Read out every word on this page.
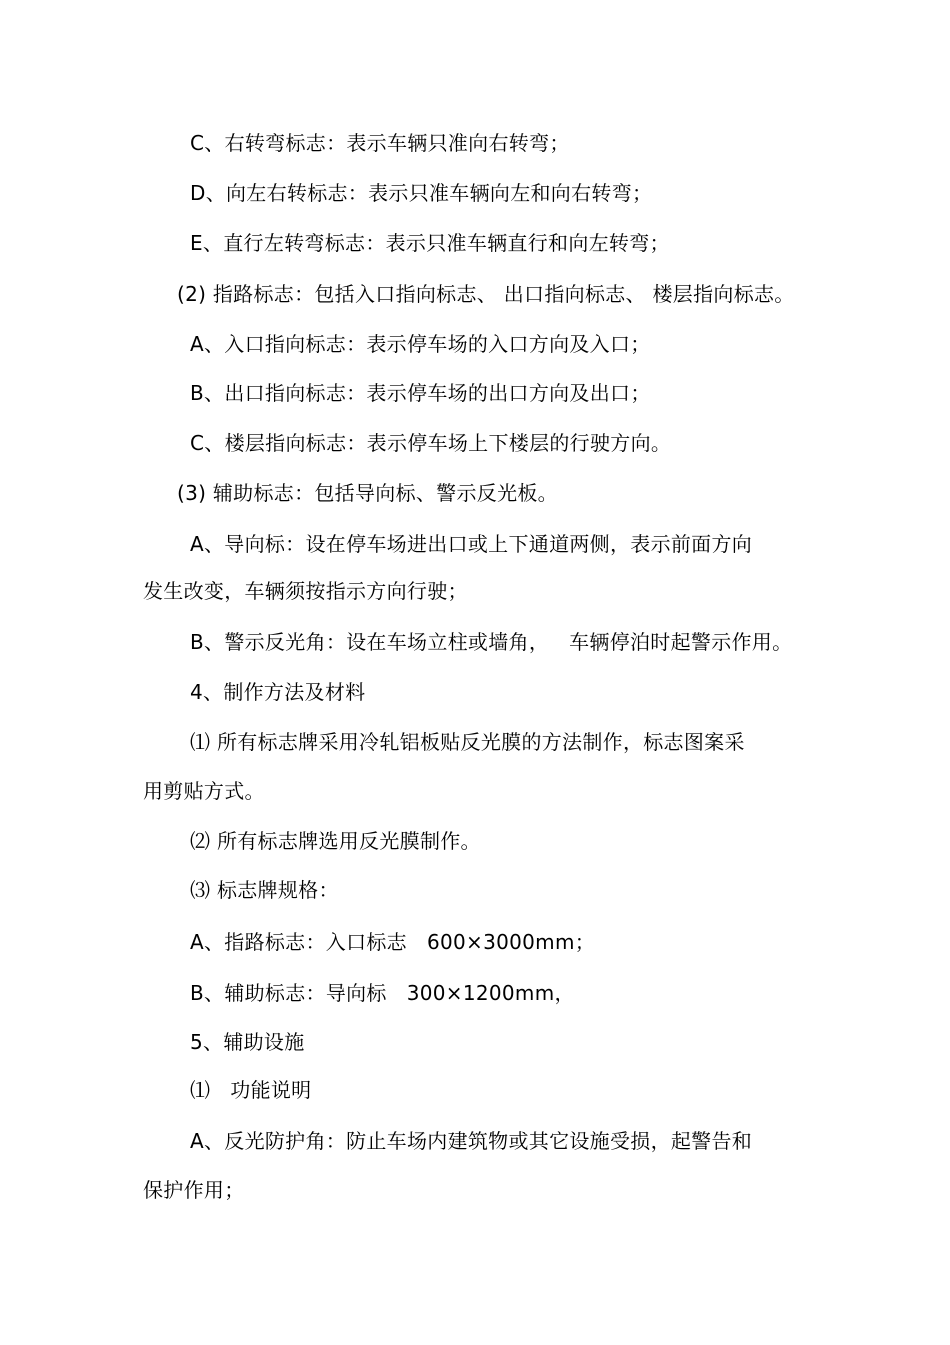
C、右转弯标志：表示车辆只准向右转弯；
D、向左右转标志：表示只准车辆向左和向右转弯；
E、直行左转弯标志：表示只准车辆直行和向左转弯；
(2) 指路标志：包括入口指向标志、 出口指向标志、 楼层指向标志。
A、入口指向标志：表示停车场的入口方向及入口；
B、出口指向标志：表示停车场的出口方向及出口；
C、楼层指向标志：表示停车场上下楼层的行驶方向。
(3) 辅助标志：包括导向标、警示反光板。
A、导向标：设在停车场进出口或上下通道两侧，表示前面方向
发生改变，车辆须按指示方向行驶；
B、警示反光角：设在车场立柱或墙角，   车辆停泊时起警示作用。
4、制作方法及材料
⑴ 所有标志牌采用冷轧铝板贴反光膜的方法制作，标志图案采
用剪贴方式。
⑵ 所有标志牌选用反光膜制作。
⑶ 标志牌规格：
A、指路标志：入口标志   600×3000mm；
B、辅助标志：导向标   300×1200mm，
5、辅助设施
⑴   功能说明
A、反光防护角：防止车场内建筑物或其它设施受损，起警告和
保护作用；
